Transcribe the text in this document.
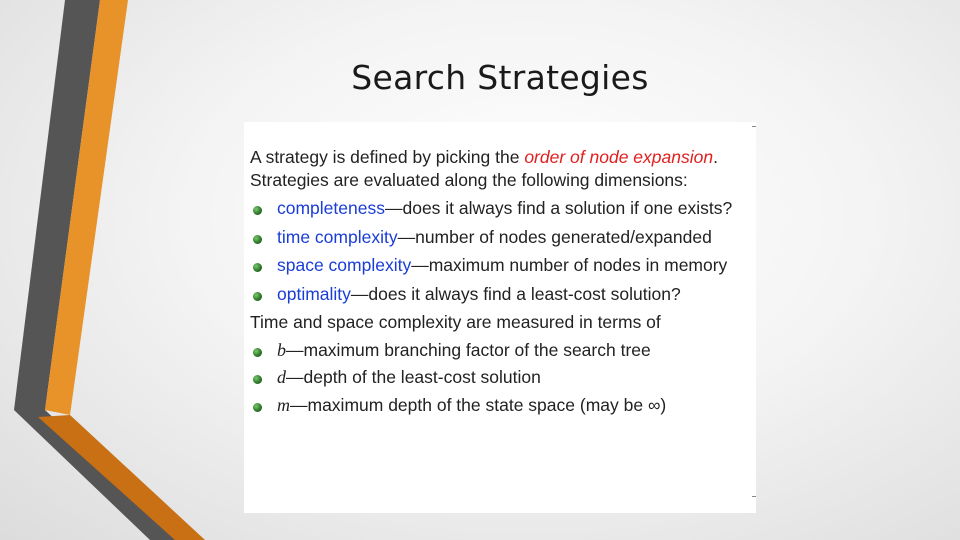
Search Strategies

A strategy is defined by picking the order of node expansion. Strategies are evaluated along the following dimensions:

completeness—does it always find a solution if one exists?
time complexity—number of nodes generated/expanded
space complexity—maximum number of nodes in memory
optimality—does it always find a least-cost solution?

Time and space complexity are measured in terms of

b—maximum branching factor of the search tree
d—depth of the least-cost solution
m—maximum depth of the state space (may be ∞)
